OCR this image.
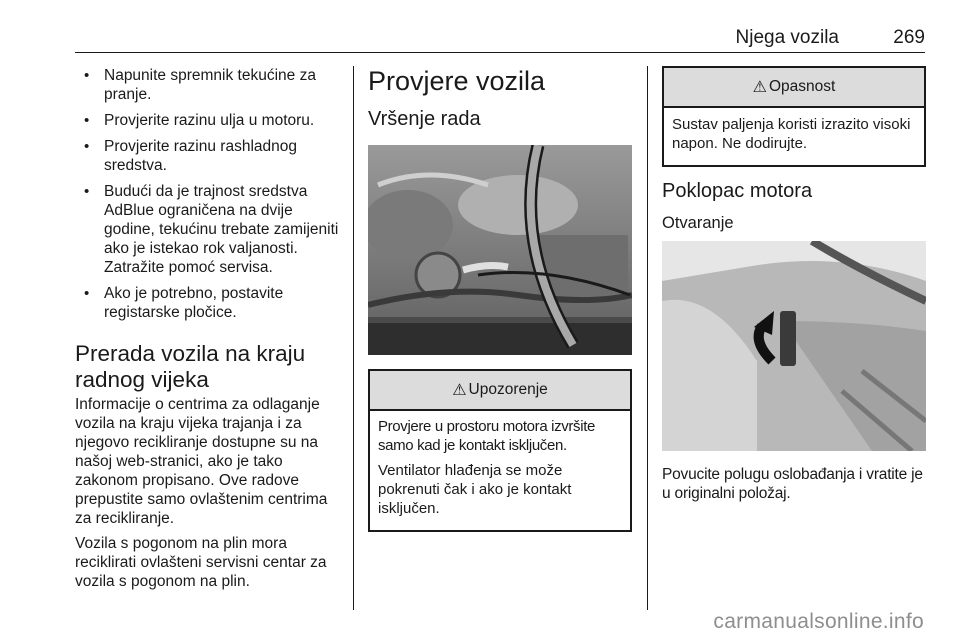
Njega vozila	269
• Napunite spremnik tekućine za pranje.
• Provjerite razinu ulja u motoru.
• Provjerite razinu rashladnog sredstva.
• Budući da je trajnost sredstva AdBlue ograničena na dvije godine, tekućinu trebate zamijeniti ako je istekao rok valjanosti. Zatražite pomoć servisa.
• Ako je potrebno, postavite registarske pločice.
Prerada vozila na kraju radnog vijeka

Informacije o centrima za odlaganje vozila na kraju vijeka trajanja i za njegovo recikliranje dostupne su na našoj web-stranici, ako je tako zakonom propisano. Ove radove prepustite samo ovlaštenim centrima za recikliranje.

Vozila s pogonom na plin mora reciklirati ovlašteni servisni centar za vozila s pogonom na plin.

Provjere vozila
Vršenje rada
⚠ Upozorenje

Provjere u prostoru motora izvršite samo kad je kontakt isključen.

Ventilator hlađenja se može pokrenuti čak i ako je kontakt isključen.

⚠ Opasnost

Sustav paljenja koristi izrazito visoki napon. Ne dodirujte.

Poklopac motora
Otvaranje

Povucite polugu oslobađanja i vratite je u originalni položaj.

carmanualsonline.info
